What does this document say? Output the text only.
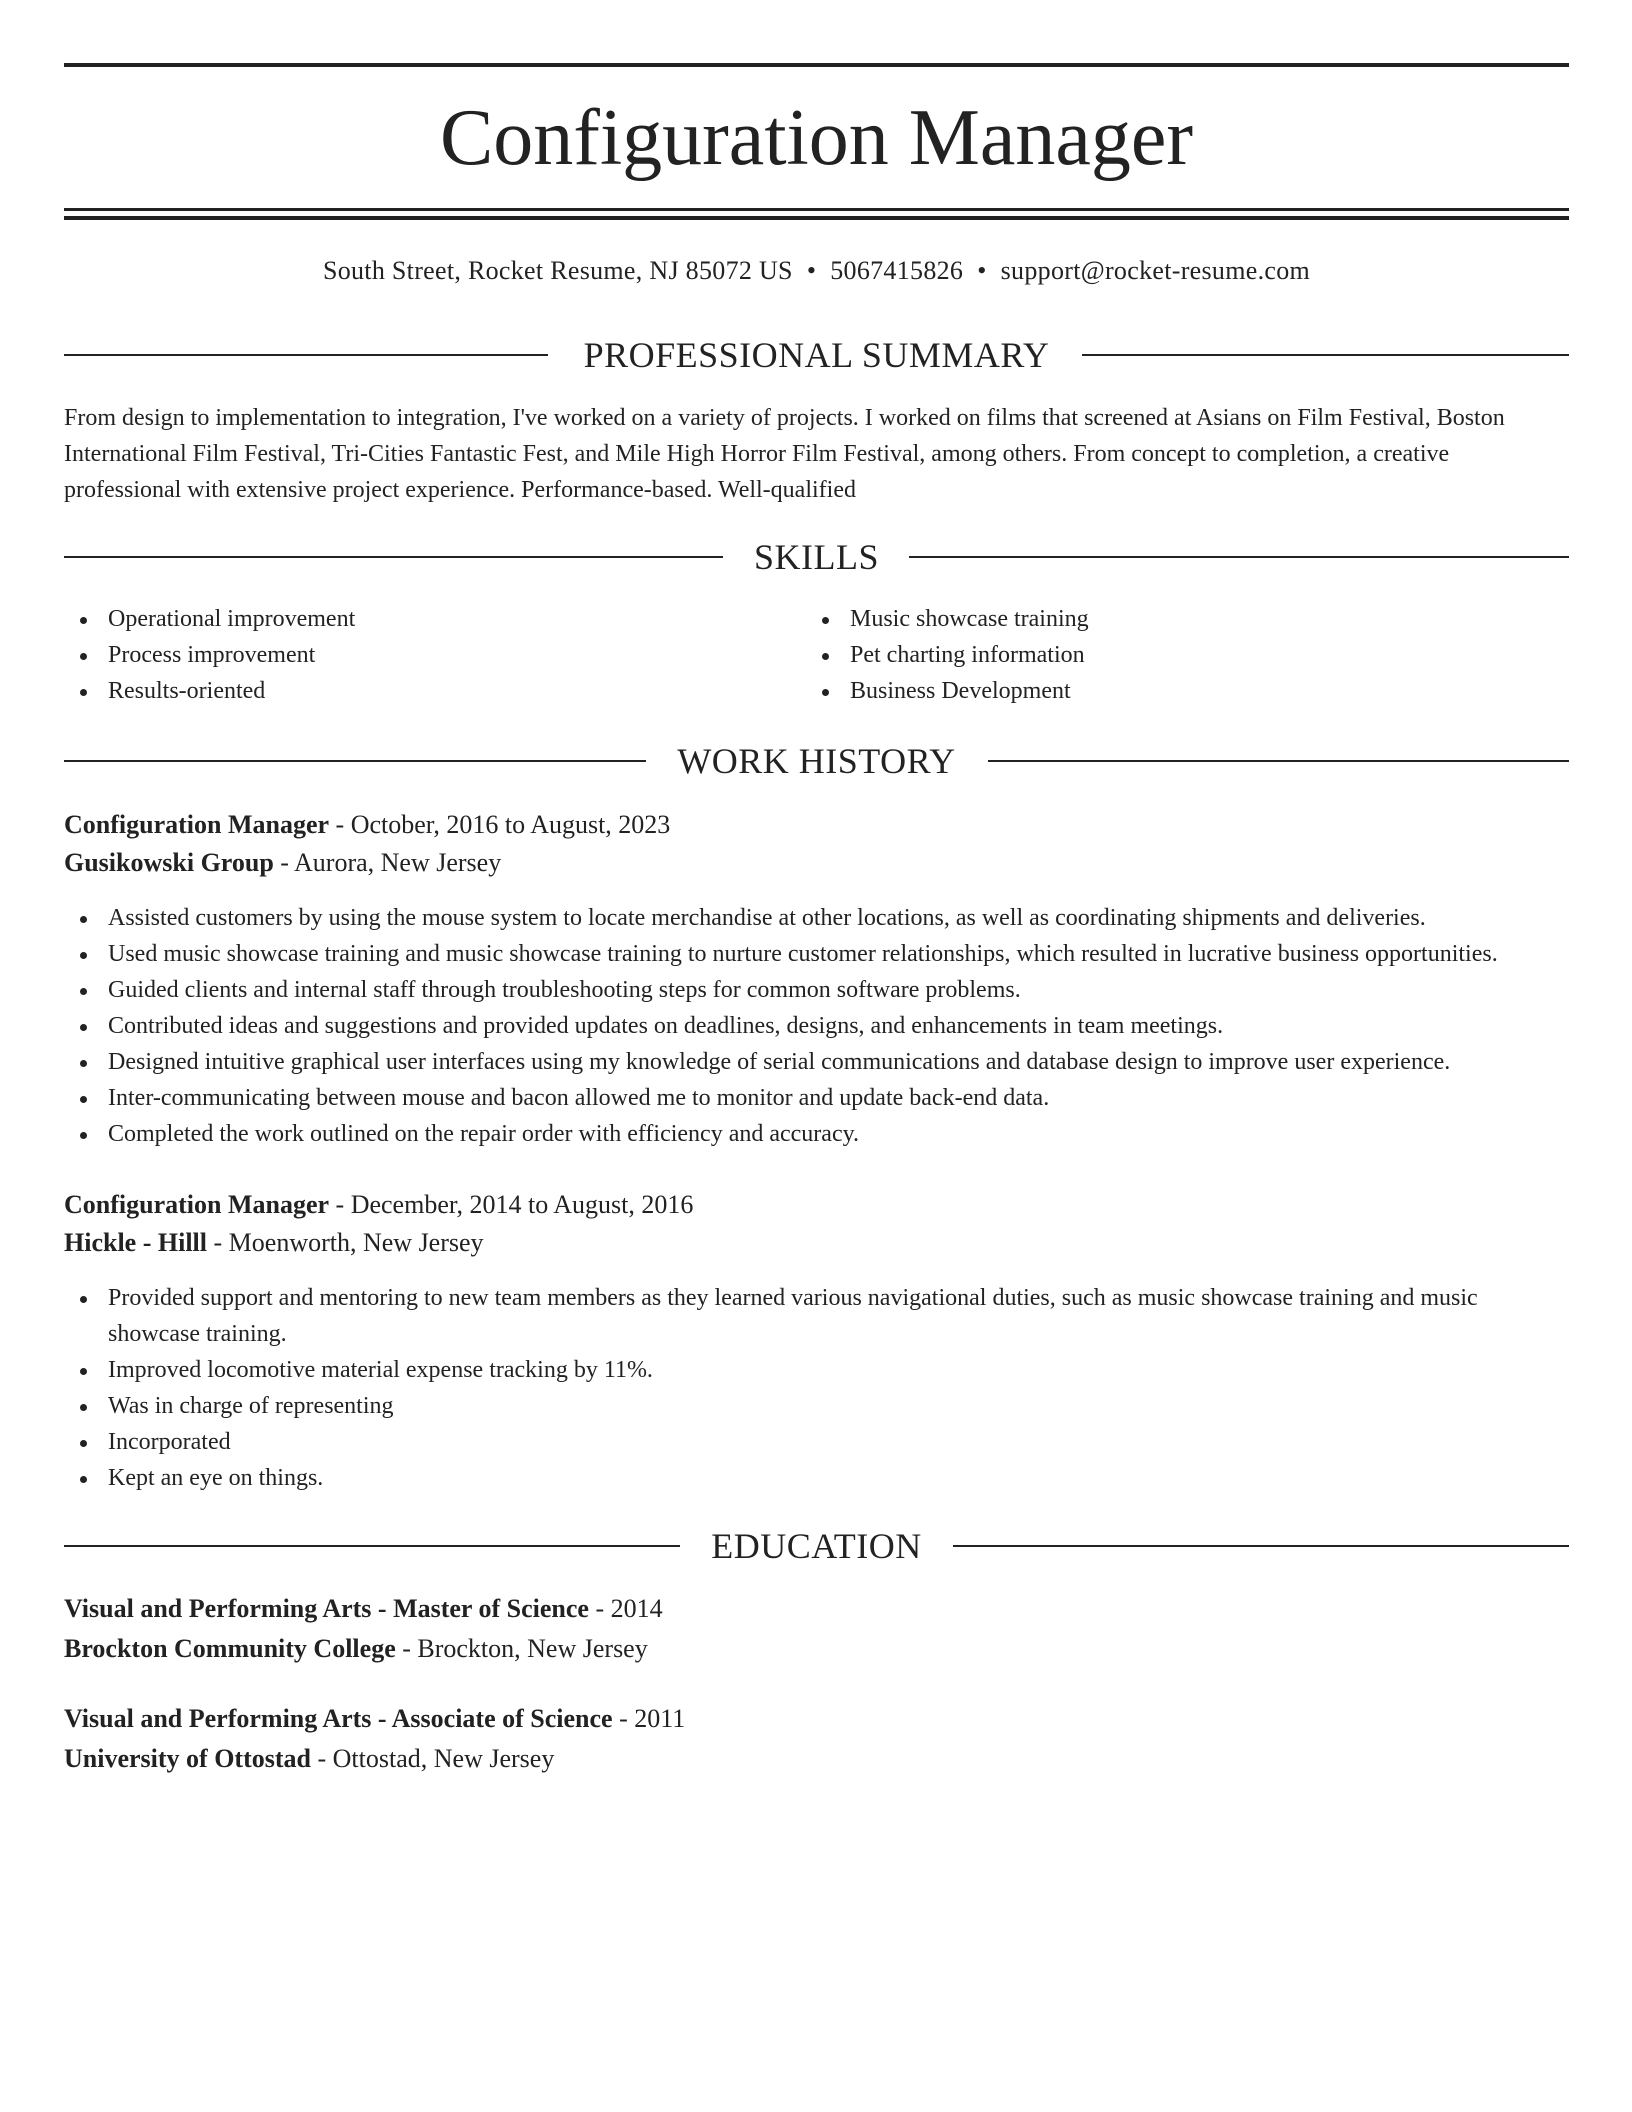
Configuration Manager
South Street, Rocket Resume, NJ 85072 US • 5067415826 • support@rocket-resume.com
PROFESSIONAL SUMMARY

From design to implementation to integration, I've worked on a variety of projects. I worked on films that screened at Asians on Film Festival, Boston International Film Festival, Tri-Cities Fantastic Fest, and Mile High Horror Film Festival, among others. From concept to completion, a creative professional with extensive project experience. Performance-based. Well-qualified

SKILLS
Operational improvement
Process improvement
Results-oriented
Music showcase training
Pet charting information
Business Development
WORK HISTORY
Configuration Manager - October, 2016 to August, 2023
Gusikowski Group - Aurora, New Jersey
Assisted customers by using the mouse system to locate merchandise at other locations, as well as coordinating shipments and deliveries.
Used music showcase training and music showcase training to nurture customer relationships, which resulted in lucrative business opportunities.
Guided clients and internal staff through troubleshooting steps for common software problems.
Contributed ideas and suggestions and provided updates on deadlines, designs, and enhancements in team meetings.
Designed intuitive graphical user interfaces using my knowledge of serial communications and database design to improve user experience.
Inter-communicating between mouse and bacon allowed me to monitor and update back-end data.
Completed the work outlined on the repair order with efficiency and accuracy.
Configuration Manager - December, 2014 to August, 2016
Hickle - Hilll - Moenworth, New Jersey
Provided support and mentoring to new team members as they learned various navigational duties, such as music showcase training and music showcase training.
Improved locomotive material expense tracking by 11%.
Was in charge of representing
Incorporated
Kept an eye on things.
EDUCATION
Visual and Performing Arts - Master of Science - 2014
Brockton Community College - Brockton, New Jersey
Visual and Performing Arts - Associate of Science - 2011
University of Ottostad - Ottostad, New Jersey
